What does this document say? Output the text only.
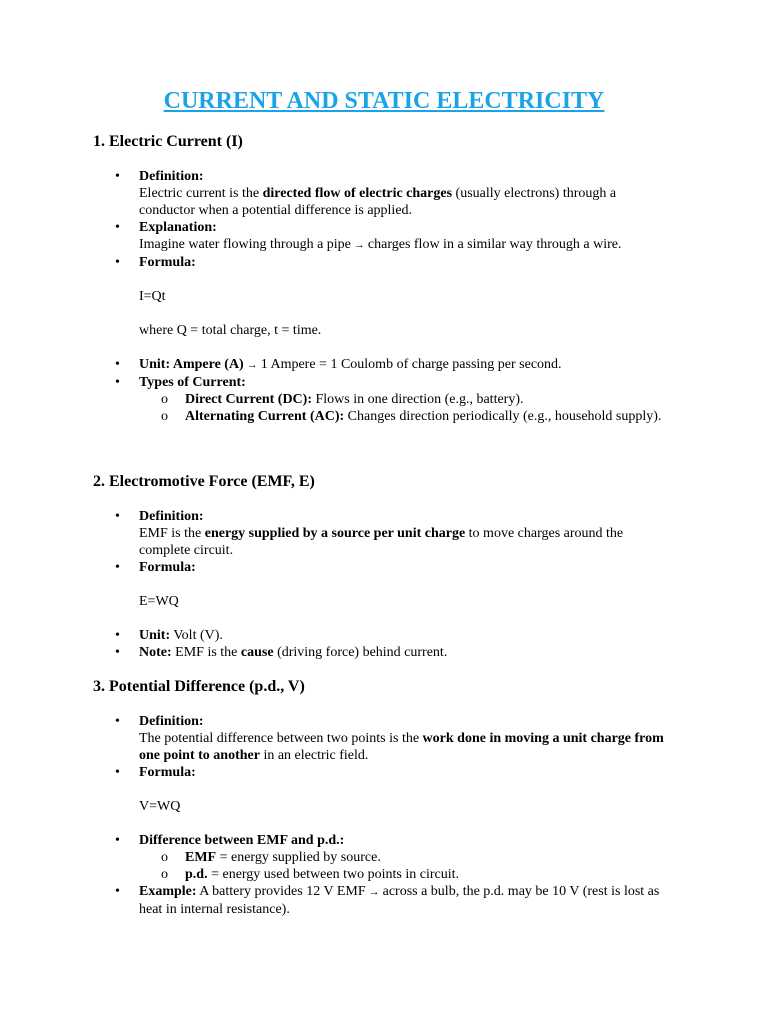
CURRENT AND STATIC ELECTRICITY
1. Electric Current (I)
• Definition:
Electric current is the directed flow of electric charges (usually electrons) through a conductor when a potential difference is applied.
• Explanation:
Imagine water flowing through a pipe → charges flow in a similar way through a wire.
• Formula:
I=Qt
where Q = total charge, t = time.
• Unit: Ampere (A) → 1 Ampere = 1 Coulomb of charge passing per second.
• Types of Current:
o Direct Current (DC): Flows in one direction (e.g., battery).
o Alternating Current (AC): Changes direction periodically (e.g., household supply).
2. Electromotive Force (EMF, E)
• Definition:
EMF is the energy supplied by a source per unit charge to move charges around the complete circuit.
• Formula:
E=WQ
• Unit: Volt (V).
• Note: EMF is the cause (driving force) behind current.
3. Potential Difference (p.d., V)
• Definition:
The potential difference between two points is the work done in moving a unit charge from one point to another in an electric field.
• Formula:
V=WQ
• Difference between EMF and p.d.:
o EMF = energy supplied by source.
o p.d. = energy used between two points in circuit.
• Example: A battery provides 12 V EMF → across a bulb, the p.d. may be 10 V (rest is lost as heat in internal resistance).
